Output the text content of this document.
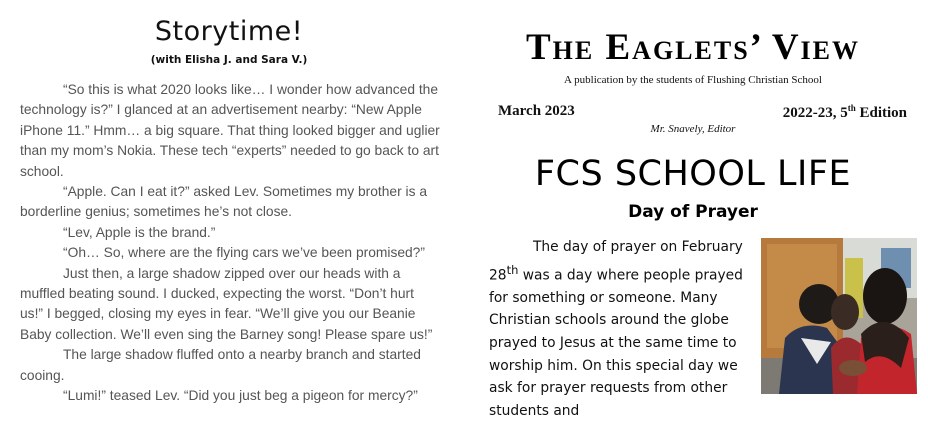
Storytime!
(with Elisha J. and Sara V.)

“So this is what 2020 looks like… I wonder how advanced the technology is?” I glanced at an advertisement nearby: “New Apple iPhone 11.” Hmm… a big square. That thing looked bigger and uglier than my mom’s Nokia. These tech “experts” needed to go back to art school.

“Apple. Can I eat it?” asked Lev. Sometimes my brother is a borderline genius; sometimes he’s not close.

“Lev, Apple is the brand.”

“Oh… So, where are the flying cars we’ve been promised?”

Just then, a large shadow zipped over our heads with a muffled beating sound. I ducked, expecting the worst. “Don’t hurt us!” I begged, closing my eyes in fear. “We’ll give you our Beanie Baby collection. We’ll even sing the Barney song! Please spare us!”

The large shadow fluffed onto a nearby branch and started cooing.

“Lumi!” teased Lev. “Did you just beg a pigeon for mercy?”

The Eaglets’ View
A publication by the students of Flushing Christian School
March 2023	2022-23, 5th Edition
Mr. Snavely, Editor
FCS SCHOOL LIFE
Day of Prayer

The day of prayer on February 28th was a day where people prayed for something or someone. Many Christian schools around the globe prayed to Jesus at the same time to worship him. On this special day we ask for prayer requests from other students and
